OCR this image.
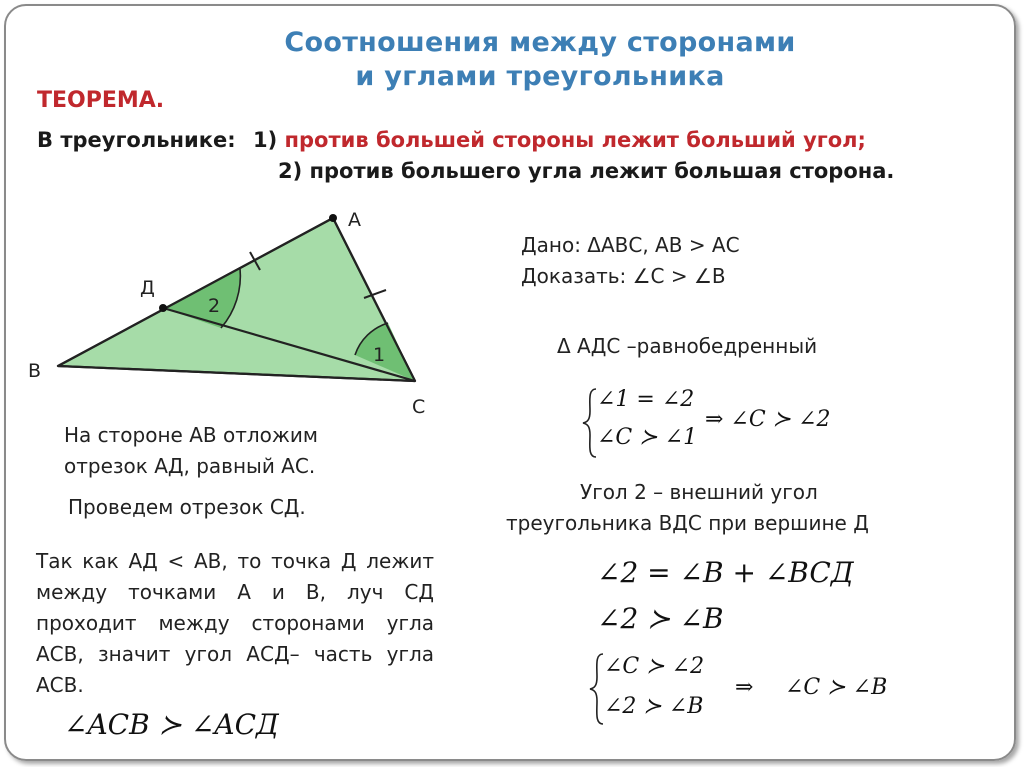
Соотношения между сторонами
и углами треугольника
ТЕОРЕМА.
В треугольнике: 1) против большей стороны лежит больший угол;
2) против большего угла лежит большая сторона.
А
Д
В
С
2
1
На стороне АВ отложим
отрезок АД, равный АС.
Проведем отрезок СД.
Так как АД < АВ, то точка Д лежит между точками А и В, луч СД проходит между сторонами угла АСВ, значит угол АСД– часть угла АСВ.
∠ACB ≻ ∠ACД
Дано: ΔАВС, АВ > АС
Доказать: ∠С > ∠В
Δ АДС –равнобедренный
∠1 = ∠2
∠C ≻ ∠1
⇒ ∠C ≻ ∠2
Угол 2 – внешний угол
треугольника ВДС при вершине Д
∠2 = ∠B + ∠BCД
∠2 ≻ ∠B
∠C ≻ ∠2
∠2 ≻ ∠B
⇒ ∠C ≻ ∠B
